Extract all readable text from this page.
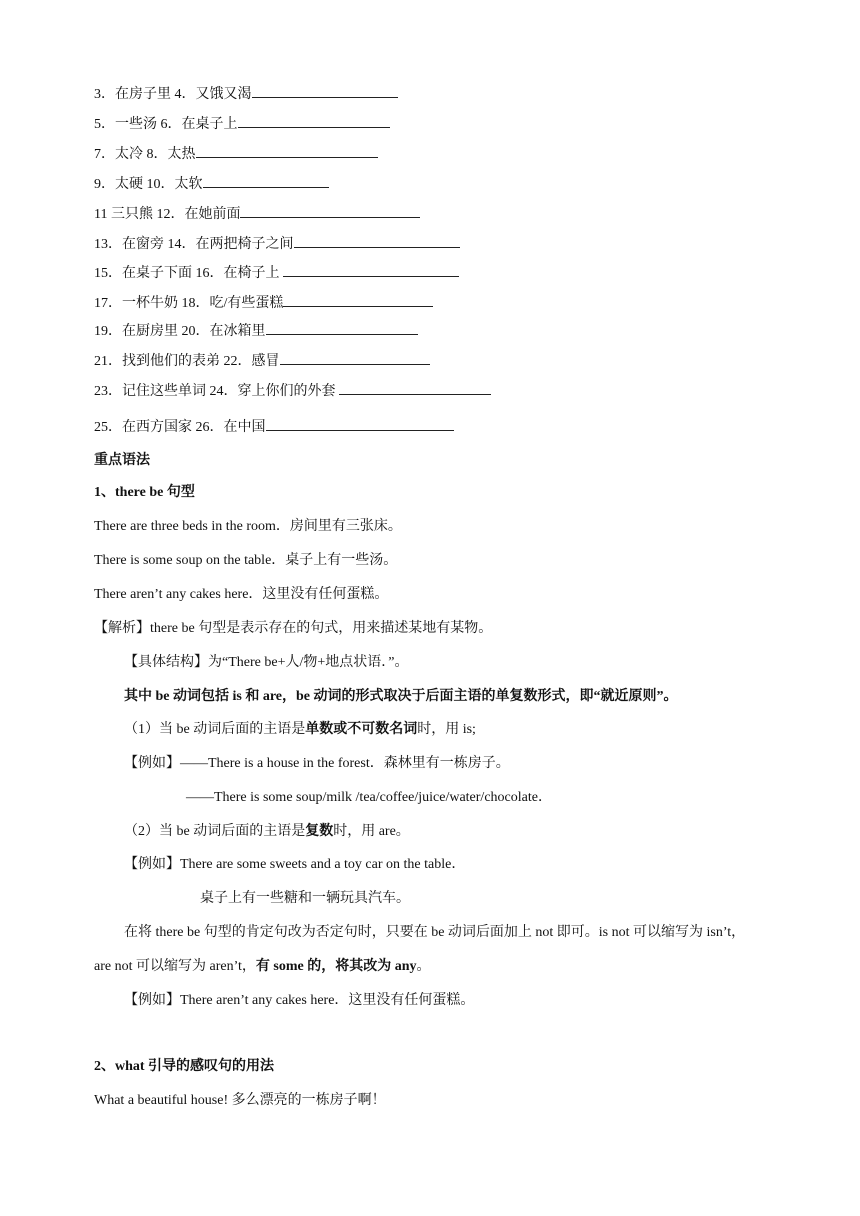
3．在房子里 4．又饿又渴
5．一些汤 6．在桌子上
7．太冷 8．太热
9．太硬 10．太软
11 三只熊 12．在她前面
13．在窗旁 14．在两把椅子之间
15．在桌子下面 16．在椅子上
17．一杯牛奶 18．吃/有些蛋糕
19．在厨房里 20．在冰箱里
21．找到他们的表弟 22．感冒
23．记住这些单词 24．穿上你们的外套
25．在西方国家 26．在中国
重点语法
1、there be 句型
There are three beds in the room．房间里有三张床。
There is some soup on the table．桌子上有一些汤。
There aren’t any cakes here．这里没有任何蛋糕。
【解析】there be 句型是表示存在的句式，用来描述某地有某物。
【具体结构】为“There be+人/物+地点状语．”。
其中 be 动词包括 is 和 are，be 动词的形式取决于后面主语的单复数形式，即“就近原则”。
（1）当 be 动词后面的主语是单数或不可数名词时，用 is;
【例如】——There is a house in the forest．森林里有一栋房子。
——There is some soup/milk /tea/coffee/juice/water/chocolate．
（2）当 be 动词后面的主语是复数时，用 are。
【例如】There are some sweets and a toy car on the table．
桌子上有一些糖和一辆玩具汽车。
在将 there be 句型的肯定句改为否定句时，只要在 be 动词后面加上 not 即可。is not 可以缩写为 isn’t，
are not 可以缩写为 aren’t，有 some 的，将其改为 any。
【例如】There aren’t any cakes here．这里没有任何蛋糕。
2、what 引导的感叹句的用法
What a beautiful house! 多么漂亮的一栋房子啊！
